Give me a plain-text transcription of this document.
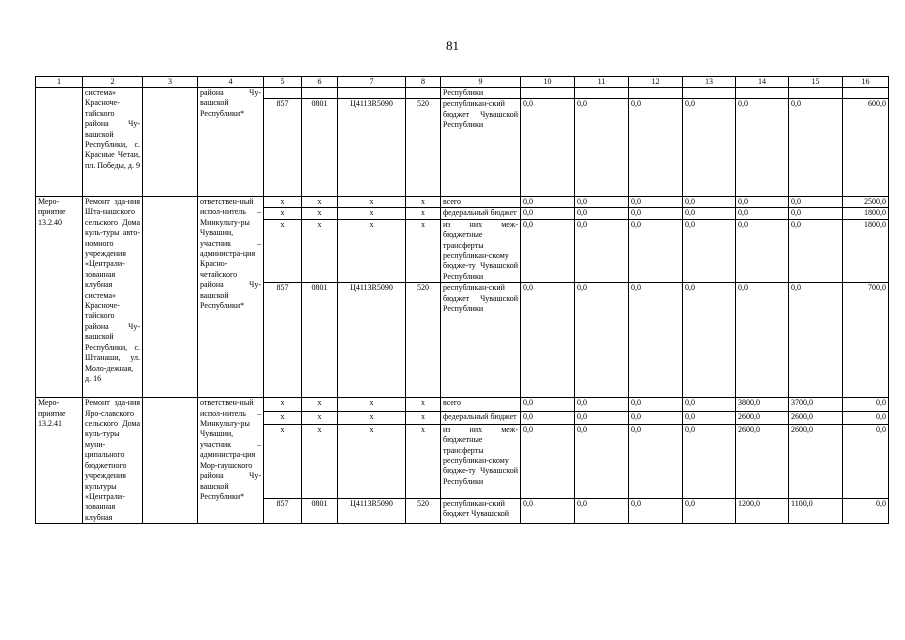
81
1	2	3	4	5	6	7	8	9	10	11	12	13	14	15	16
	система» Красноче-тайского района Чу-вашской Республики, с. Красные Четаи, пл. Победы, д. 9		района Чу-вашской Республики*					Республики							
				857	0801	Ц4113R5090	520	республикан-ский бюджет Чувашской Республики	0,0	0,0	0,0	0,0	0,0	0,0	600,0
Меро-приятие 13.2.40	Ремонт зда-ния Шта-нашского сельского Дома куль-туры авто-номного учреждения «Централи-зованная клубная система» Красноче-тайского района Чу-вашской Республики, с. Штанаши, ул. Моло-дежная, д. 16		ответствен-ный испол-нитель – Минкульту-ры Чувашии, участник – администра-ция Красно-четайского района Чу-вашской Республики*	x	x	x	x	всего	0,0	0,0	0,0	0,0	0,0	0,0	2500,0
				x	x	x	x	федеральный бюджет	0,0	0,0	0,0	0,0	0,0	0,0	1800,0
				x	x	x	x	из них меж-бюджетные трансферты республикан-скому бюдже-ту Чувашской Республики	0,0	0,0	0,0	0,0	0,0	0,0	1800,0
				857	0801	Ц4113R5090	520	республикан-ский бюджет Чувашской Республики	0,0	0,0	0,0	0,0	0,0	0,0	700,0
Меро-приятие 13.2.41	Ремонт зда-ния Яро-славского сельского Дома куль-туры муни-ципального бюджетного учреждения культуры «Централи-зованная клубная		ответствен-ный испол-нитель – Минкульту-ры Чувашии, участник – администра-ция Мор-гаушского района Чу-вашской Республики*	x	x	x	x	всего	0,0	0,0	0,0	0,0	3800,0	3700,0	0,0
				x	x	x	x	федеральный бюджет	0,0	0,0	0,0	0,0	2600,0	2600,0	0,0
				x	x	x	x	из них меж-бюджетные трансферты республикан-скому бюдже-ту Чувашской Республики	0,0	0,0	0,0	0,0	2600,0	2600,0	0,0
				857	0801	Ц4113R5090	520	республикан-ский бюджет Чувашской	0,0	0,0	0,0	0,0	1200,0	1100,0	0,0
